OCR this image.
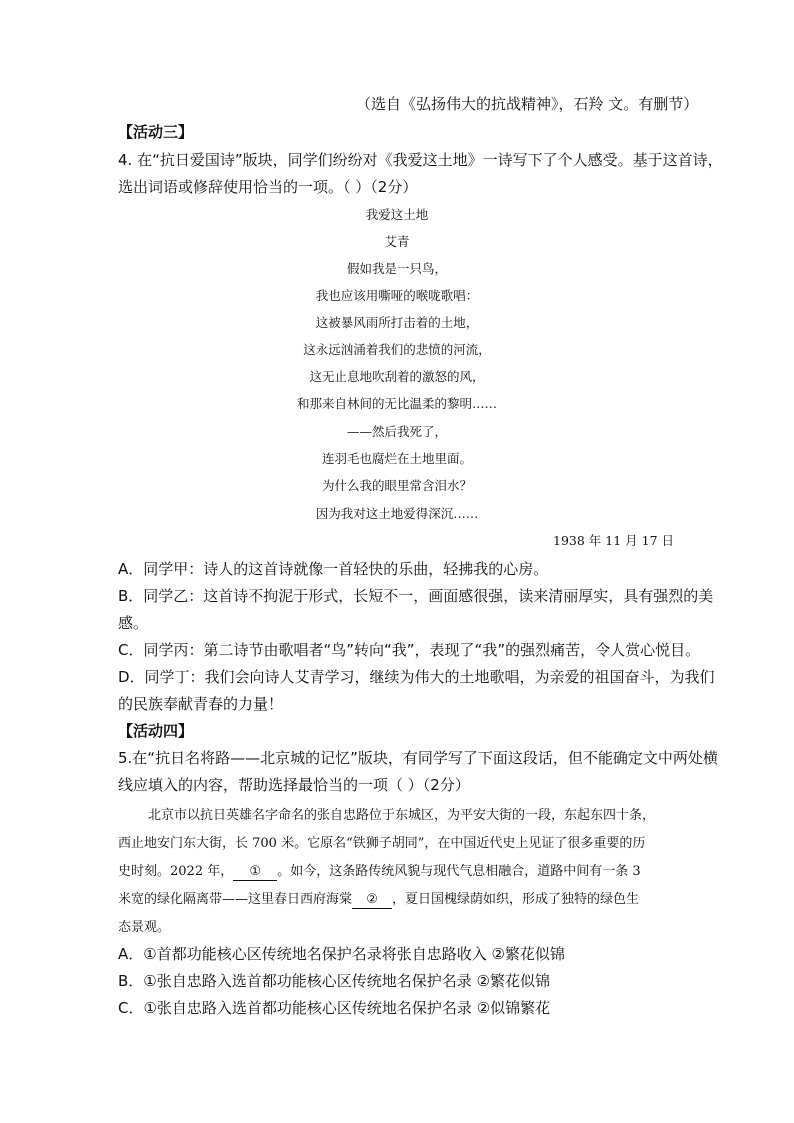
（选自《弘扬伟大的抗战精神》，石羚 文。有删节）
【活动三】
4. 在“抗日爱国诗”版块，同学们纷纷对《我爱这土地》一诗写下了个人感受。基于这首诗，
选出词语或修辞使用恰当的一项。（ ）（2分）
我爱这土地
艾青
假如我是一只鸟，
我也应该用嘶哑的喉咙歌唱：
这被暴风雨所打击着的土地，
这永远汹涌着我们的悲愤的河流，
这无止息地吹刮着的激怒的风，
和那来自林间的无比温柔的黎明……
——然后我死了，
连羽毛也腐烂在土地里面。
为什么我的眼里常含泪水？
因为我对这土地爱得深沉……
1938 年 11 月 17 日
A．同学甲：诗人的这首诗就像一首轻快的乐曲，轻拂我的心房。
B．同学乙：这首诗不拘泥于形式，长短不一，画面感很强，读来清丽厚实，具有强烈的美
感。
C．同学丙：第二诗节由歌唱者“鸟”转向“我”，表现了“我”的强烈痛苦，令人赏心悦目。
D．同学丁：我们会向诗人艾青学习，继续为伟大的土地歌唱，为亲爱的祖国奋斗，为我们
的民族奉献青春的力量！
【活动四】
5.在“抗日名将路——北京城的记忆”版块，有同学写了下面这段话，但不能确定文中两处横
线应填入的内容，帮助选择最恰当的一项（ ）（2分）
北京市以抗日英雄名字命名的张自忠路位于东城区，为平安大街的一段，东起东四十条，
西止地安门东大街，长 700 米。它原名“铁狮子胡同”，在中国近代史上见证了很多重要的历
史时刻。2022 年， ① 。如今，这条路传统风貌与现代气息相融合，道路中间有一条 3
米宽的绿化隔离带——这里春日西府海棠 ② ，夏日国槐绿荫如织，形成了独特的绿色生
态景观。
A．①首都功能核心区传统地名保护名录将张自忠路收入 ②繁花似锦
B．①张自忠路入选首都功能核心区传统地名保护名录 ②繁花似锦
C．①张自忠路入选首都功能核心区传统地名保护名录 ②似锦繁花
